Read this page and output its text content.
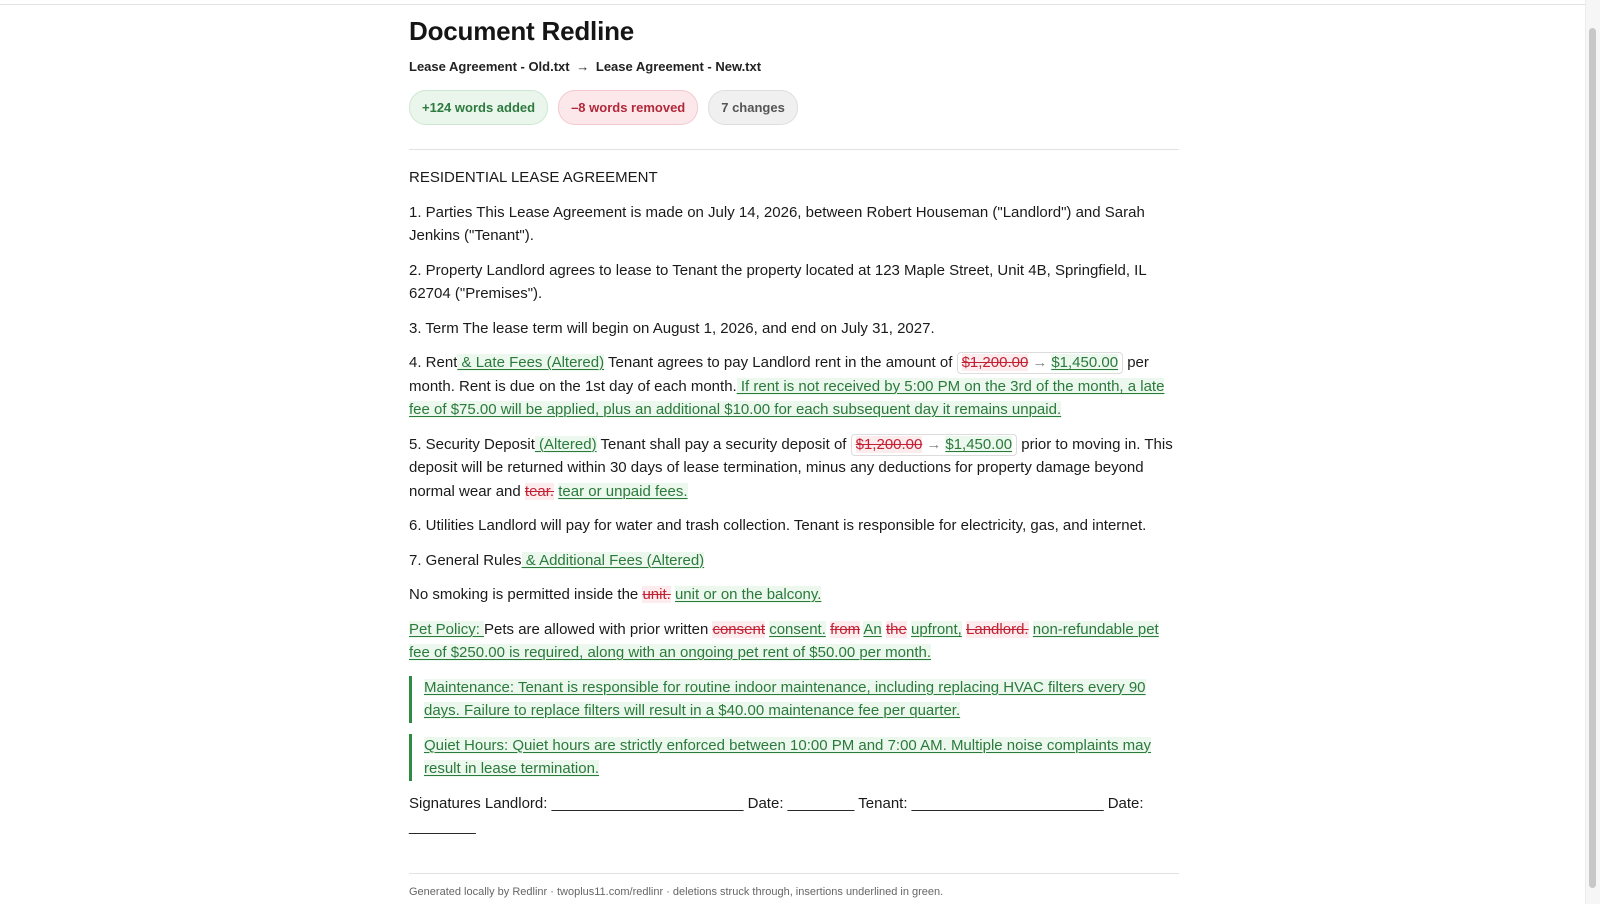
Document Redline
Lease Agreement - Old.txt → Lease Agreement - New.txt
+124 words added	–8 words removed	7 changes

RESIDENTIAL LEASE AGREEMENT

1. Parties This Lease Agreement is made on July 14, 2026, between Robert Houseman ("Landlord") and Sarah Jenkins ("Tenant").

2. Property Landlord agrees to lease to Tenant the property located at 123 Maple Street, Unit 4B, Springfield, IL 62704 ("Premises").

3. Term The lease term will begin on August 1, 2026, and end on July 31, 2027.

4. Rent & Late Fees (Altered) Tenant agrees to pay Landlord rent in the amount of $1,200.00 → $1,450.00 per month. Rent is due on the 1st day of each month. If rent is not received by 5:00 PM on the 3rd of the month, a late fee of $75.00 will be applied, plus an additional $10.00 for each subsequent day it remains unpaid.

5. Security Deposit (Altered) Tenant shall pay a security deposit of $1,200.00 → $1,450.00 prior to moving in. This deposit will be returned within 30 days of lease termination, minus any deductions for property damage beyond normal wear and tear. tear or unpaid fees.

6. Utilities Landlord will pay for water and trash collection. Tenant is responsible for electricity, gas, and internet.

7. General Rules & Additional Fees (Altered)

No smoking is permitted inside the unit. unit or on the balcony.

Pet Policy: Pets are allowed with prior written consent consent. from An the upfront, Landlord. non-refundable pet fee of $250.00 is required, along with an ongoing pet rent of $50.00 per month.

Maintenance: Tenant is responsible for routine indoor maintenance, including replacing HVAC filters every 90 days. Failure to replace filters will result in a $40.00 maintenance fee per quarter.
Quiet Hours: Quiet hours are strictly enforced between 10:00 PM and 7:00 AM. Multiple noise complaints may result in lease termination.

Signatures Landlord: _______________________ Date: ________ Tenant: _______________________ Date: ________

Generated locally by Redlinr · twoplus11.com/redlinr · deletions struck through, insertions underlined in green.
